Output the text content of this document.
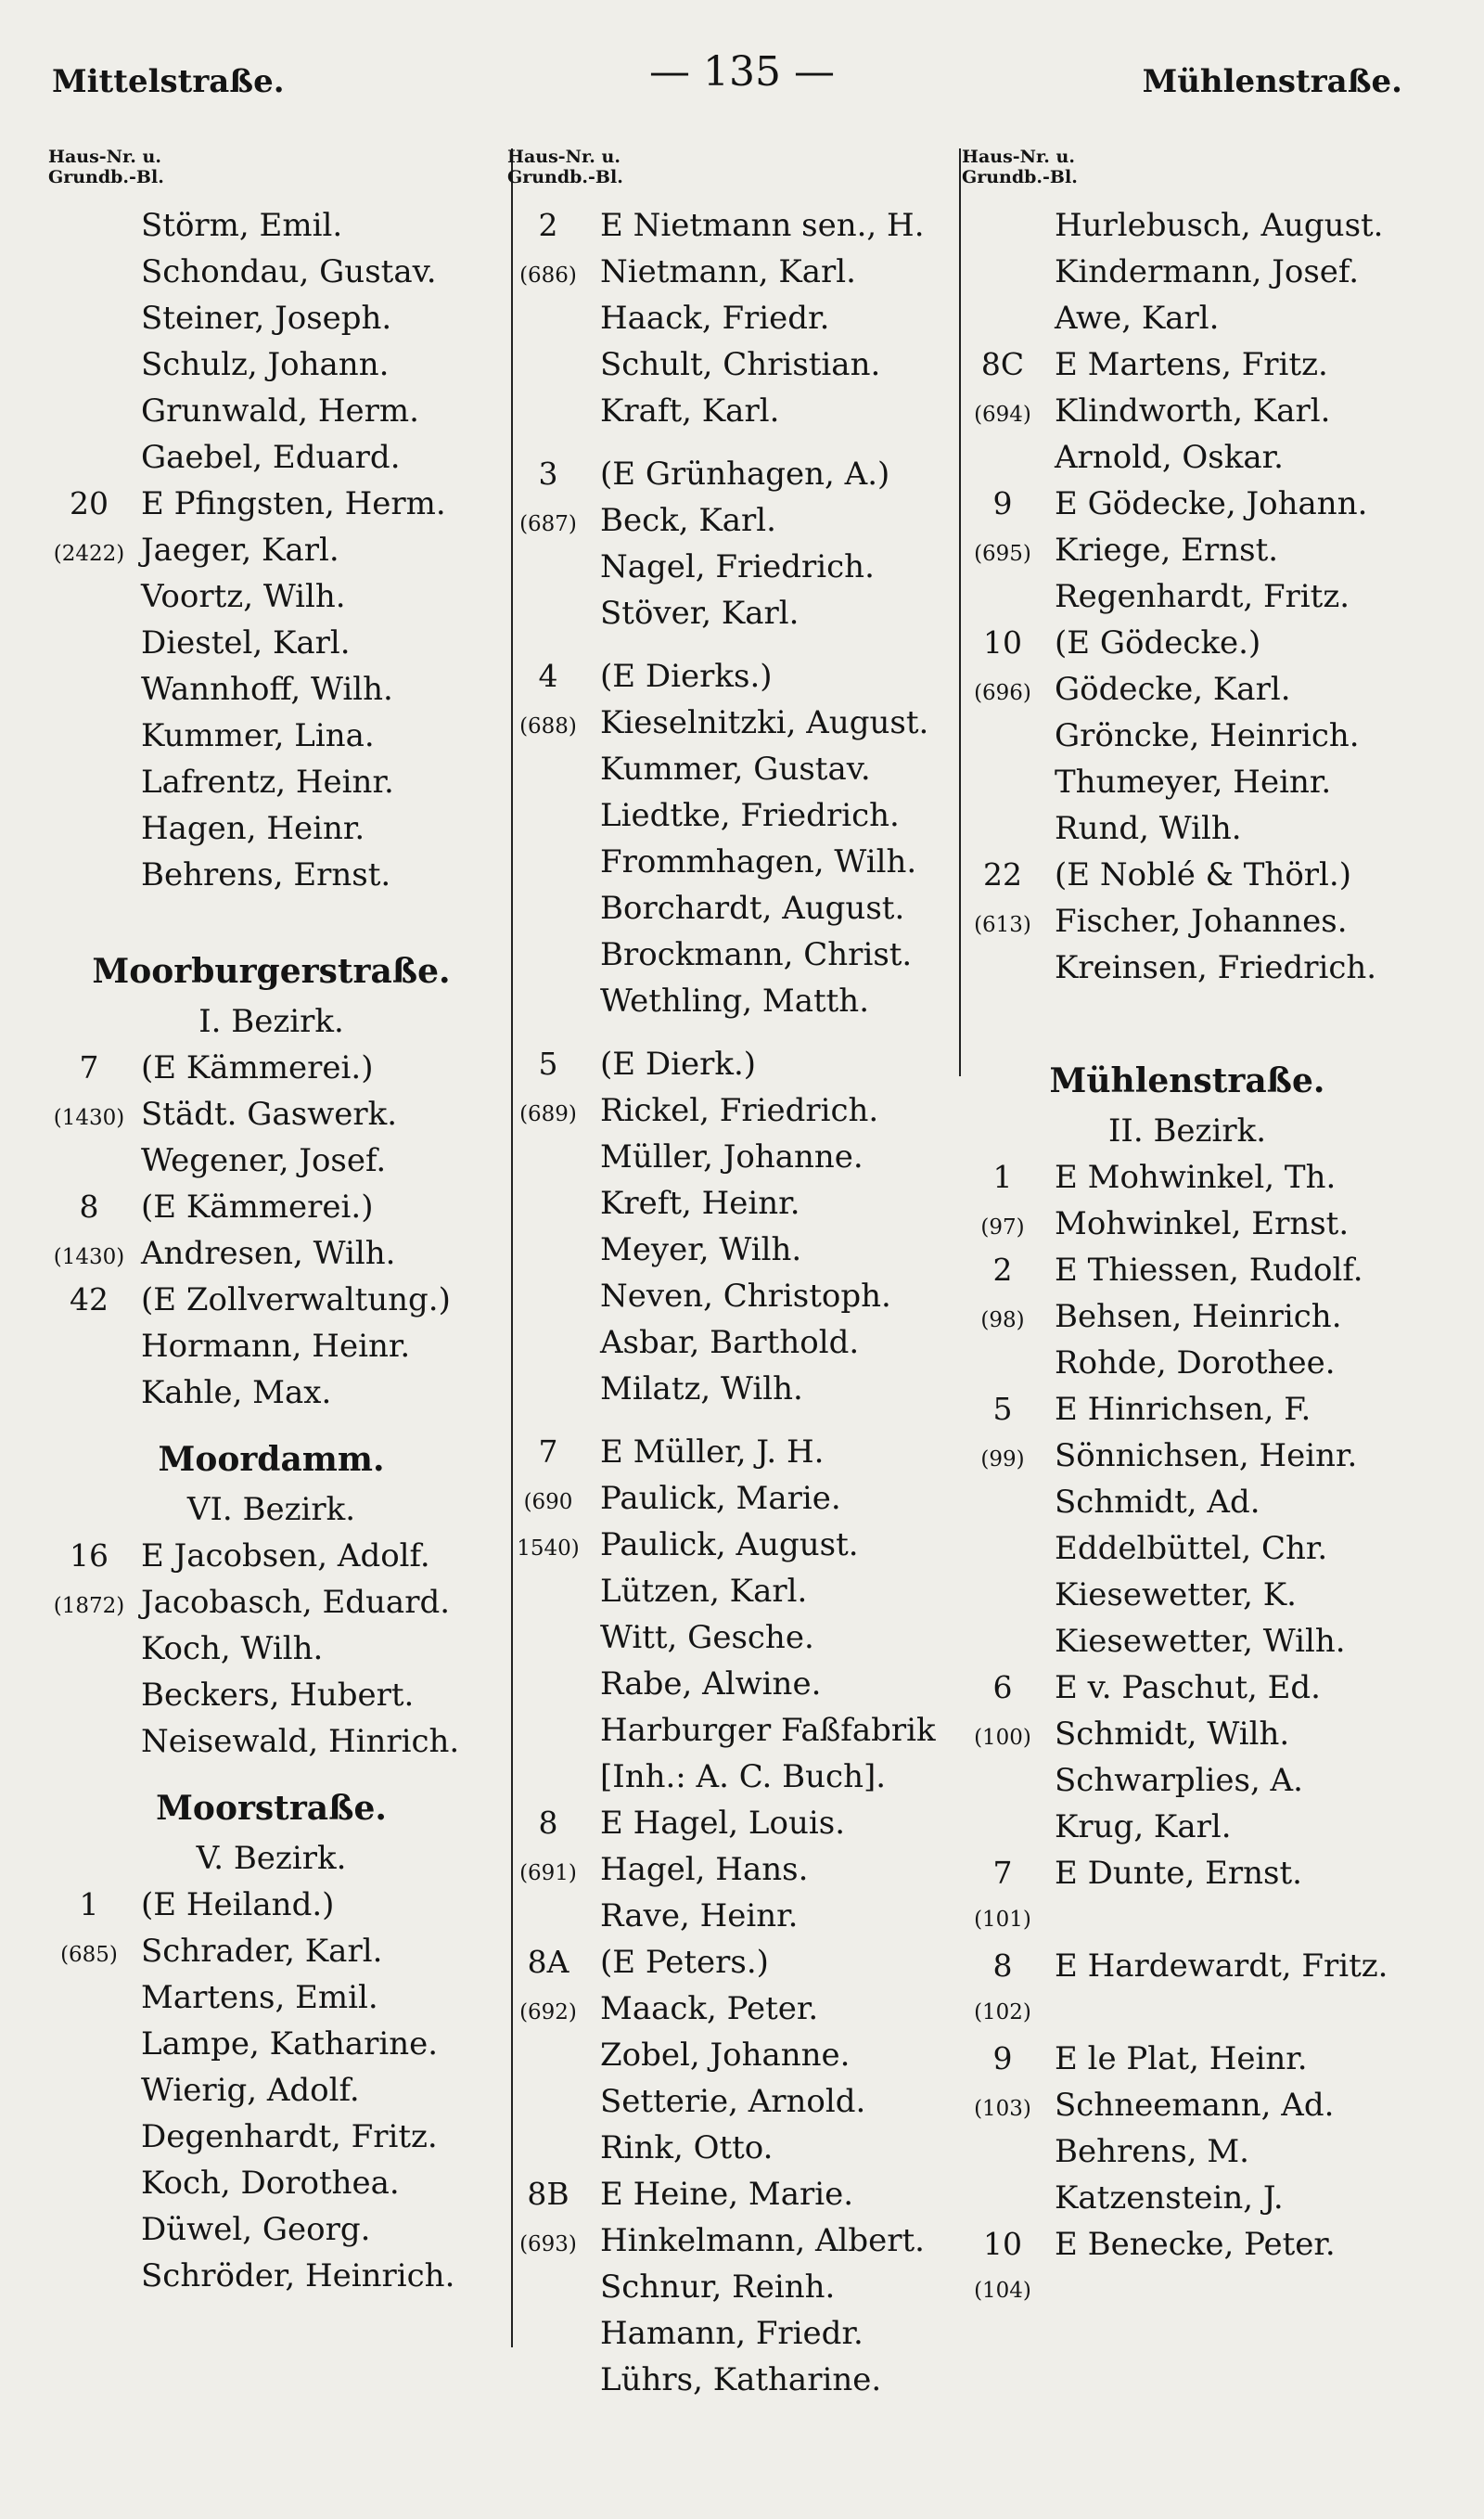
Mittelstraße.	— 135 —	Mühlenstraße.
Haus-Nr. u.
Grundb.-Bl.
Störm, Emil.
Schondau, Gustav.
Steiner, Joseph.
Schulz, Johann.
Grunwald, Herm.
Gaebel, Eduard.
20	E Pfingsten, Herm.
(2422) Jaeger, Karl.
Voortz, Wilh.
Diestel, Karl.
Wannhoff, Wilh.
Kummer, Lina.
Lafrentz, Heinr.
Hagen, Heinr.
Behrens, Ernst.
Moorburgerstraße.
I. Bezirk.
7	(E Kämmerei.)
(1430) Städt. Gaswerk.
Wegener, Josef.
8	(E Kämmerei.)
(1430) Andresen, Wilh.
42	(E Zollverwaltung.)
Hormann, Heinr.
Kahle, Max.
Moordamm.
VI. Bezirk.
16	E Jacobsen, Adolf.
(1872) Jacobasch, Eduard.
Koch, Wilh.
Beckers, Hubert.
Neisewald, Hinrich.
Moorstraße.
V. Bezirk.
1	(E Heiland.)
(685) Schrader, Karl.
Martens, Emil.
Lampe, Katharine.
Wierig, Adolf.
Degenhardt, Fritz.
Koch, Dorothea.
Düwel, Georg.
Schröder, Heinrich.
Haus-Nr. u.
Grundb.-Bl.
2	E Nietmann sen., H.
(686) Nietmann, Karl.
Haack, Friedr.
Schult, Christian.
Kraft, Karl.
3	(E Grünhagen, A.)
(687) Beck, Karl.
Nagel, Friedrich.
Stöver, Karl.
4	(E Dierks.)
(688) Kieselnitzki, August.
Kummer, Gustav.
Liedtke, Friedrich.
Frommhagen, Wilh.
Borchardt, August.
Brockmann, Christ.
Wethling, Matth.
5	(E Dierk.)
(689) Rickel, Friedrich.
Müller, Johanne.
Kreft, Heinr.
Meyer, Wilh.
Neven, Christoph.
Asbar, Barthold.
Milatz, Wilh.
7	E Müller, J. H.
(690 Paulick, Marie.
1540) Paulick, August.
Lützen, Karl.
Witt, Gesche.
Rabe, Alwine.
Harburger Faßfabrik
[Inh.: A. C. Buch].
8	E Hagel, Louis.
(691) Hagel, Hans.
Rave, Heinr.
8A (E Peters.)
(692) Maack, Peter.
Zobel, Johanne.
Setterie, Arnold.
Rink, Otto.
8B E Heine, Marie.
(693) Hinkelmann, Albert.
Schnur, Reinh.
Hamann, Friedr.
Lührs, Katharine.
Haus-Nr. u.
Grundb.-Bl.
Hurlebusch, August.
Kindermann, Josef.
Awe, Karl.
8C E Martens, Fritz.
(694) Klindworth, Karl.
Arnold, Oskar.
9	E Gödecke, Johann.
(695) Kriege, Ernst.
Regenhardt, Fritz.
10	(E Gödecke.)
(696) Gödecke, Karl.
Gröncke, Heinrich.
Thumeyer, Heinr.
Rund, Wilh.
22	(E Noblé & Thörl.)
(613) Fischer, Johannes.
Kreinsen, Friedrich.
Mühlenstraße.
II. Bezirk.
1	E Mohwinkel, Th.
(97) Mohwinkel, Ernst.
2	E Thiessen, Rudolf.
(98) Behsen, Heinrich.
Rohde, Dorothee.
5	E Hinrichsen, F.
(99) Sönnichsen, Heinr.
Schmidt, Ad.
Eddelbüttel, Chr.
Kiesewetter, K.
Kiesewetter, Wilh.
6	E v. Paschut, Ed.
(100) Schmidt, Wilh.
Schwarplies, A.
Krug, Karl.
7	E Dunte, Ernst.
(101)
8	E Hardewardt, Fritz.
(102)
9	E le Plat, Heinr.
(103) Schneemann, Ad.
Behrens, M.
Katzenstein, J.
10	E Benecke, Peter.
(104)
